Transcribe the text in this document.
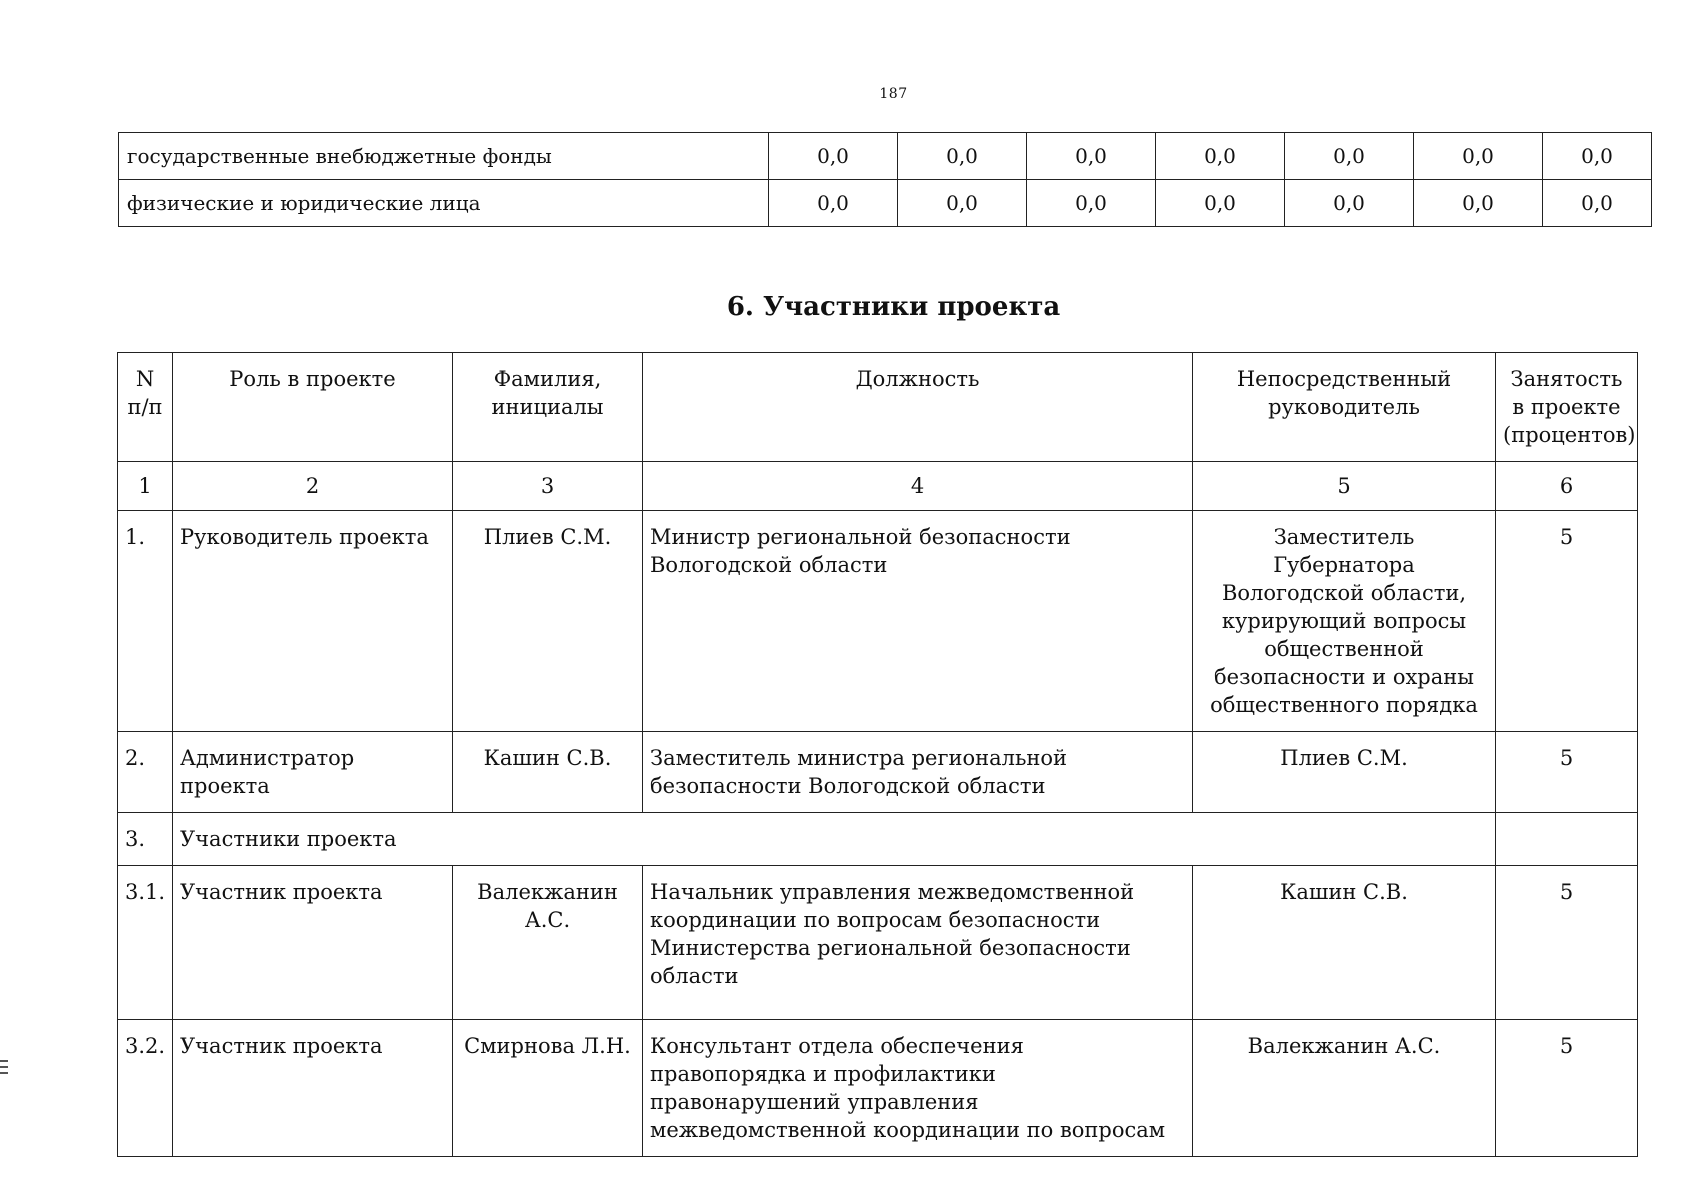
187
государственные внебюджетные фонды	0,0	0,0	0,0	0,0	0,0	0,0	0,0
физические и юридические лица	0,0	0,0	0,0	0,0	0,0	0,0	0,0
6. Участники проекта
N п/п	Роль в проекте	Фамилия, инициалы	Должность	Непосредственный руководитель	Занятость в проекте (процентов)
1	2	3	4	5	6
1.	Руководитель проекта	Плиев С.М.	Министр региональной безопасности Вологодской области	Заместитель Губернатора Вологодской области, курирующий вопросы общественной безопасности и охраны общественного порядка	5
2.	Администратор проекта	Кашин С.В.	Заместитель министра региональной безопасности Вологодской области	Плиев С.М.	5
3.	Участники проекта				
3.1.	Участник проекта	Валекжанин А.С.	Начальник управления межведомственной координации по вопросам безопасности Министерства региональной безопасности области	Кашин С.В.	5
3.2.	Участник проекта	Смирнова Л.Н.	Консультант отдела обеспечения правопорядка и профилактики правонарушений управления межведомственной координации по вопросам	Валекжанин А.С.	5
